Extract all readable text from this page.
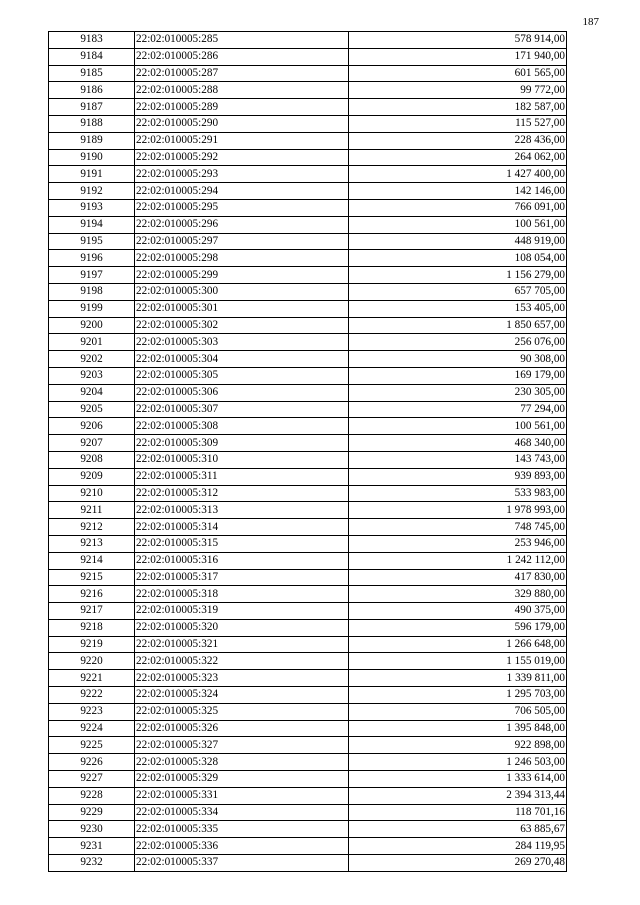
187
9183	22:02:010005:285	578 914,00
9184	22:02:010005:286	171 940,00
9185	22:02:010005:287	601 565,00
9186	22:02:010005:288	99 772,00
9187	22:02:010005:289	182 587,00
9188	22:02:010005:290	115 527,00
9189	22:02:010005:291	228 436,00
9190	22:02:010005:292	264 062,00
9191	22:02:010005:293	1 427 400,00
9192	22:02:010005:294	142 146,00
9193	22:02:010005:295	766 091,00
9194	22:02:010005:296	100 561,00
9195	22:02:010005:297	448 919,00
9196	22:02:010005:298	108 054,00
9197	22:02:010005:299	1 156 279,00
9198	22:02:010005:300	657 705,00
9199	22:02:010005:301	153 405,00
9200	22:02:010005:302	1 850 657,00
9201	22:02:010005:303	256 076,00
9202	22:02:010005:304	90 308,00
9203	22:02:010005:305	169 179,00
9204	22:02:010005:306	230 305,00
9205	22:02:010005:307	77 294,00
9206	22:02:010005:308	100 561,00
9207	22:02:010005:309	468 340,00
9208	22:02:010005:310	143 743,00
9209	22:02:010005:311	939 893,00
9210	22:02:010005:312	533 983,00
9211	22:02:010005:313	1 978 993,00
9212	22:02:010005:314	748 745,00
9213	22:02:010005:315	253 946,00
9214	22:02:010005:316	1 242 112,00
9215	22:02:010005:317	417 830,00
9216	22:02:010005:318	329 880,00
9217	22:02:010005:319	490 375,00
9218	22:02:010005:320	596 179,00
9219	22:02:010005:321	1 266 648,00
9220	22:02:010005:322	1 155 019,00
9221	22:02:010005:323	1 339 811,00
9222	22:02:010005:324	1 295 703,00
9223	22:02:010005:325	706 505,00
9224	22:02:010005:326	1 395 848,00
9225	22:02:010005:327	922 898,00
9226	22:02:010005:328	1 246 503,00
9227	22:02:010005:329	1 333 614,00
9228	22:02:010005:331	2 394 313,44
9229	22:02:010005:334	118 701,16
9230	22:02:010005:335	63 885,67
9231	22:02:010005:336	284 119,95
9232	22:02:010005:337	269 270,48
